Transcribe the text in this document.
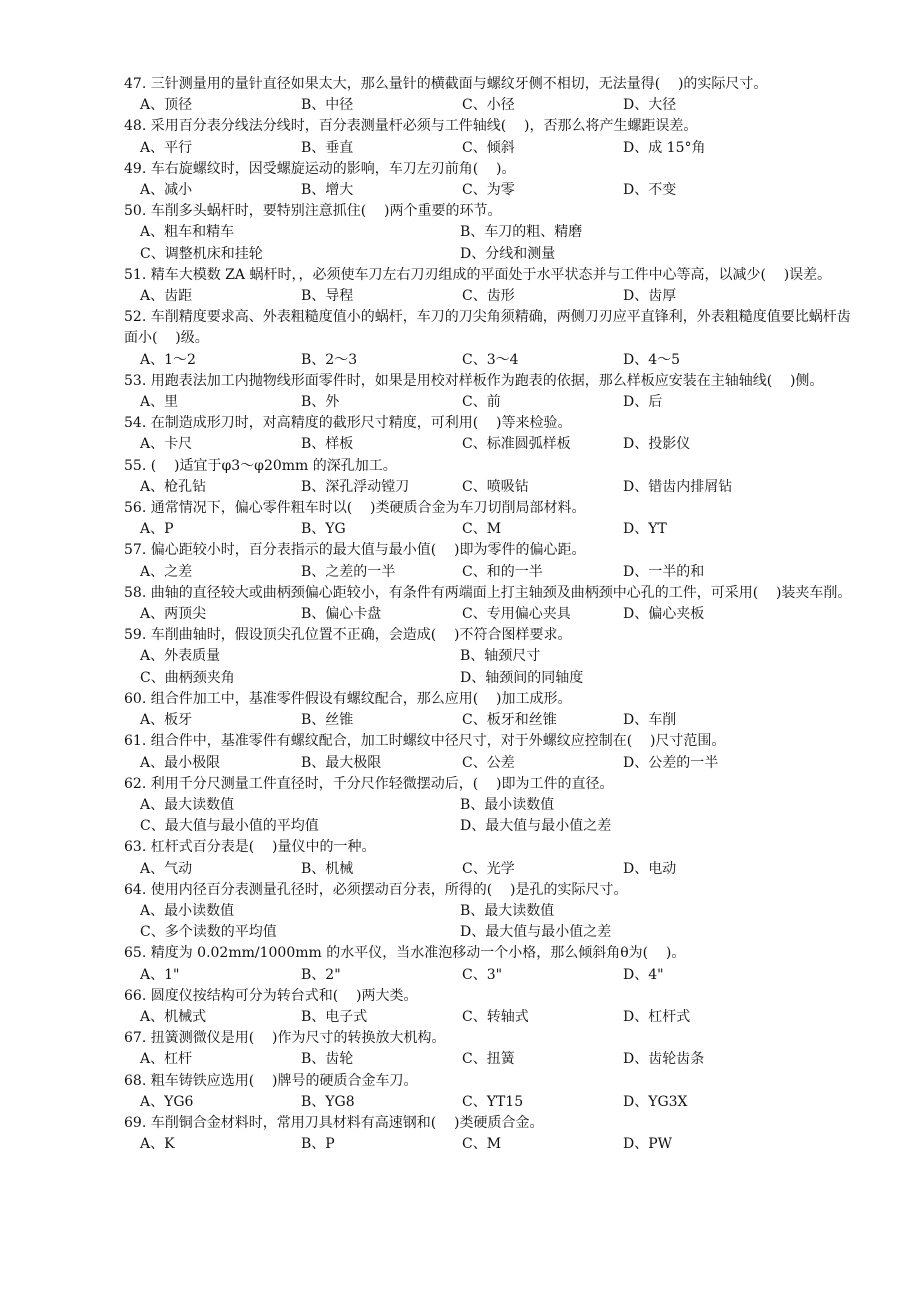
47. 三针测量用的量针直径如果太大，那么量针的横截面与螺纹牙侧不相切，无法量得(    )的实际尺寸。
A、顶径	B、中径	C、小径	D、大径
48. 采用百分表分线法分线时，百分表测量杆必须与工件轴线(    )，否那么将产生螺距误差。
A、平行	B、垂直	C、倾斜	D、成 15°角
49. 车右旋螺纹时，因受螺旋运动的影响，车刀左刃前角(    )。
A、减小	B、增大	C、为零	D、不变
50. 车削多头蜗杆时，要特别注意抓住(    )两个重要的环节。
A、粗车和精车	B、车刀的粗、精磨
C、调整机床和挂轮	D、分线和测量
51. 精车大模数 ZA 蜗杆时，，必须使车刀左右刀刃组成的平面处于水平状态并与工件中心等高，以减少(    )误差。
A、齿距	B、导程	C、齿形	D、齿厚
52. 车削精度要求高、外表粗糙度值小的蜗杆，车刀的刀尖角须精确，两侧刀刃应平直锋利，外表粗糙度值要比蜗杆齿面小(    )级。
A、1～2	B、2～3	C、3～4	D、4～5
53. 用跑表法加工内抛物线形面零件时，如果是用校对样板作为跑表的依据，那么样板应安装在主轴轴线(    )侧。
A、里	B、外	C、前	D、后
54. 在制造成形刀时，对高精度的截形尺寸精度，可利用(    )等来检验。
A、卡尺	B、样板	C、标准圆弧样板	D、投影仪
55. (    )适宜于φ3～φ20mm 的深孔加工。
A、枪孔钻	B、深孔浮动镗刀	C、喷吸钻	D、错齿内排屑钻
56. 通常情况下，偏心零件粗车时以(    )类硬质合金为车刀切削局部材料。
A、P	B、YG	C、M	D、YT
57. 偏心距较小时，百分表指示的最大值与最小值(    )即为零件的偏心距。
A、之差	B、之差的一半	C、和的一半	D、一半的和
58. 曲轴的直径较大或曲柄颈偏心距较小，有条件有两端面上打主轴颈及曲柄颈中心孔的工件，可采用(    )装夹车削。
A、两顶尖	B、偏心卡盘	C、专用偏心夹具	D、偏心夹板
59. 车削曲轴时，假设顶尖孔位置不正确，会造成(    )不符合图样要求。
A、外表质量	B、轴颈尺寸
C、曲柄颈夹角	D、轴颈间的同轴度
60. 组合件加工中，基准零件假设有螺纹配合，那么应用(    )加工成形。
A、板牙	B、丝锥	C、板牙和丝锥	D、车削
61. 组合件中，基准零件有螺纹配合，加工时螺纹中径尺寸，对于外螺纹应控制在(    )尺寸范围。
A、最小极限	B、最大极限	C、公差	D、公差的一半
62. 利用千分尺测量工件直径时，千分尺作轻微摆动后，(    )即为工件的直径。
A、最大读数值	B、最小读数值
C、最大值与最小值的平均值	D、最大值与最小值之差
63. 杠杆式百分表是(    )量仪中的一种。
A、气动	B、机械	C、光学	D、电动
64. 使用内径百分表测量孔径时，必须摆动百分表，所得的(    )是孔的实际尺寸。
A、最小读数值	B、最大读数值
C、多个读数的平均值	D、最大值与最小值之差
65. 精度为 0.02mm/1000mm 的水平仪，当水准泡移动一个小格，那么倾斜角θ为(    )。
A、1"	B、2"	C、3"	D、4"
66. 圆度仪按结构可分为转台式和(    )两大类。
A、机械式	B、电子式	C、转轴式	D、杠杆式
67. 扭簧测微仪是用(    )作为尺寸的转换放大机构。
A、杠杆	B、齿轮	C、扭簧	D、齿轮齿条
68. 粗车铸铁应选用(    )牌号的硬质合金车刀。
A、YG6	B、YG8	C、YT15	D、YG3X
69. 车削铜合金材料时，常用刀具材料有高速钢和(    )类硬质合金。
A、K	B、P	C、M	D、PW
